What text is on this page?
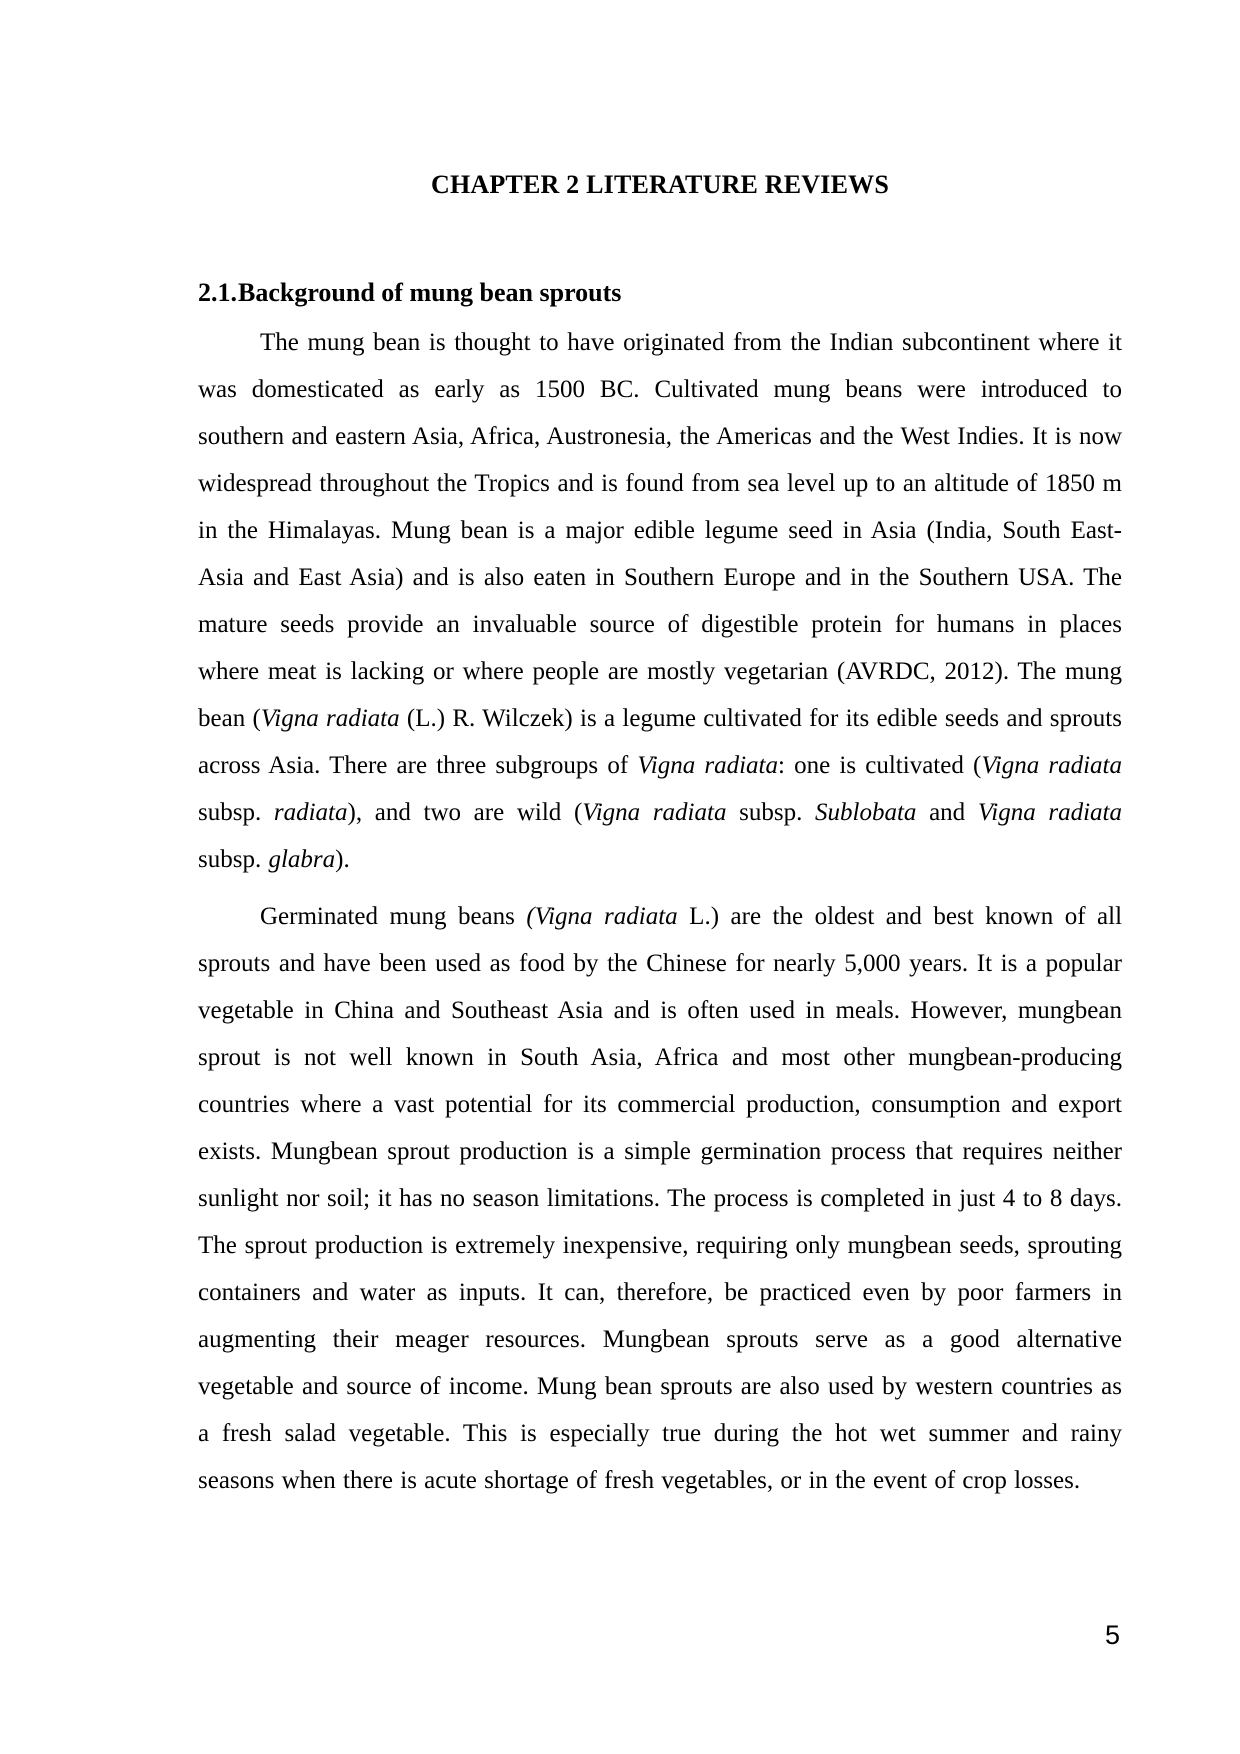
CHAPTER 2 LITERATURE REVIEWS
2.1. Background of mung bean sprouts

The mung bean is thought to have originated from the Indian subcontinent where it was domesticated as early as 1500 BC. Cultivated mung beans were introduced to southern and eastern Asia, Africa, Austronesia, the Americas and the West Indies. It is now widespread throughout the Tropics and is found from sea level up to an altitude of 1850 m in the Himalayas. Mung bean is a major edible legume seed in Asia (India, South East-Asia and East Asia) and is also eaten in Southern Europe and in the Southern USA. The mature seeds provide an invaluable source of digestible protein for humans in places where meat is lacking or where people are mostly vegetarian (AVRDC, 2012). The mung bean (Vigna radiata (L.) R. Wilczek) is a legume cultivated for its edible seeds and sprouts across Asia. There are three subgroups of Vigna radiata: one is cultivated (Vigna radiata subsp. radiata), and two are wild (Vigna radiata subsp. Sublobata and Vigna radiata subsp. glabra).

Germinated mung beans (Vigna radiata L.) are the oldest and best known of all sprouts and have been used as food by the Chinese for nearly 5,000 years. It is a popular vegetable in China and Southeast Asia and is often used in meals. However, mungbean sprout is not well known in South Asia, Africa and most other mungbean-producing countries where a vast potential for its commercial production, consumption and export exists. Mungbean sprout production is a simple germination process that requires neither sunlight nor soil; it has no season limitations. The process is completed in just 4 to 8 days. The sprout production is extremely inexpensive, requiring only mungbean seeds, sprouting containers and water as inputs. It can, therefore, be practiced even by poor farmers in augmenting their meager resources. Mungbean sprouts serve as a good alternative vegetable and source of income. Mung bean sprouts are also used by western countries as a fresh salad vegetable. This is especially true during the hot wet summer and rainy seasons when there is acute shortage of fresh vegetables, or in the event of crop losses.

5
